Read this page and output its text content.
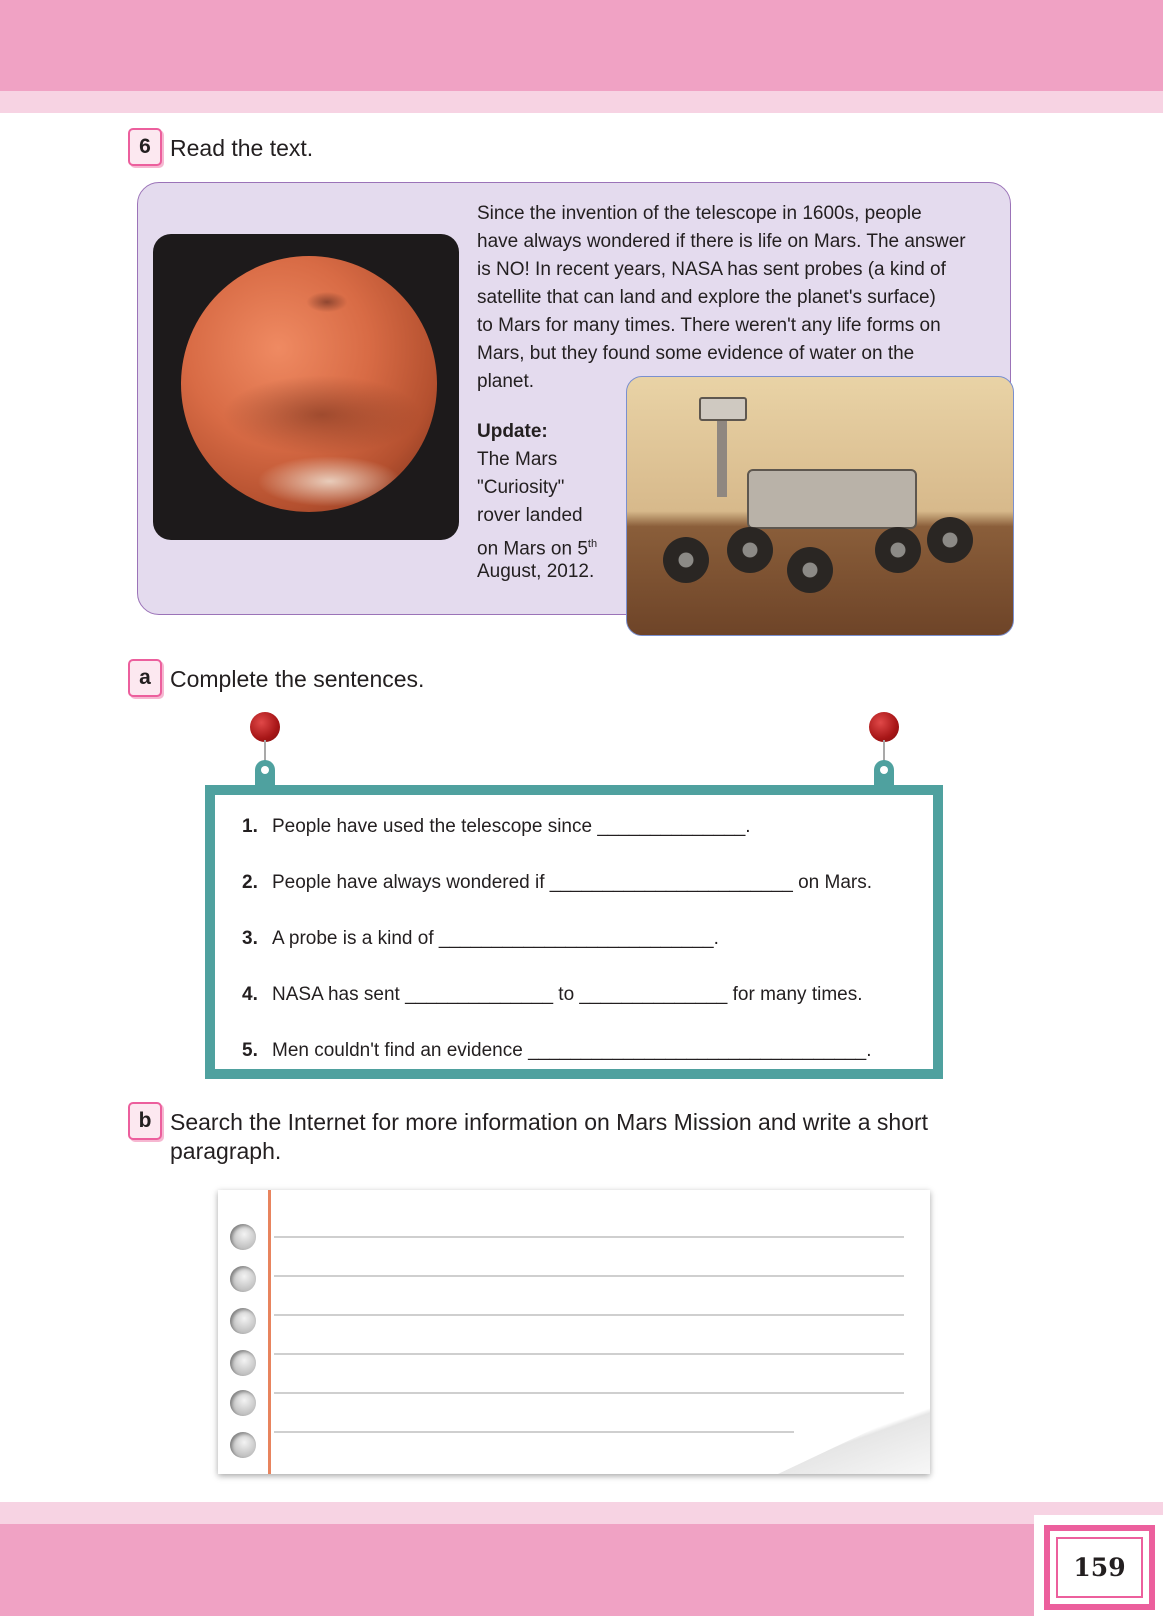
6 Read the text.
Since the invention of the telescope in 1600s, people
have always wondered if there is life on Mars. The answer
is NO! In recent years, NASA has sent probes (a kind of
satellite that can land and explore the planet's surface)
to Mars for many times. There weren't any life forms on
Mars, but they found some evidence of water on the
planet.
Update:
The Mars
"Curiosity"
rover landed
on Mars on 5th
August, 2012.
a Complete the sentences.
1. People have used the telescope since ______________.
2. People have always wondered if _______________________ on Mars.
3. A probe is a kind of __________________________.
4. NASA has sent ______________ to ______________ for many times.
5. Men couldn't find an evidence ________________________________.
b Search the Internet for more information on Mars Mission and write a short
paragraph.
159
